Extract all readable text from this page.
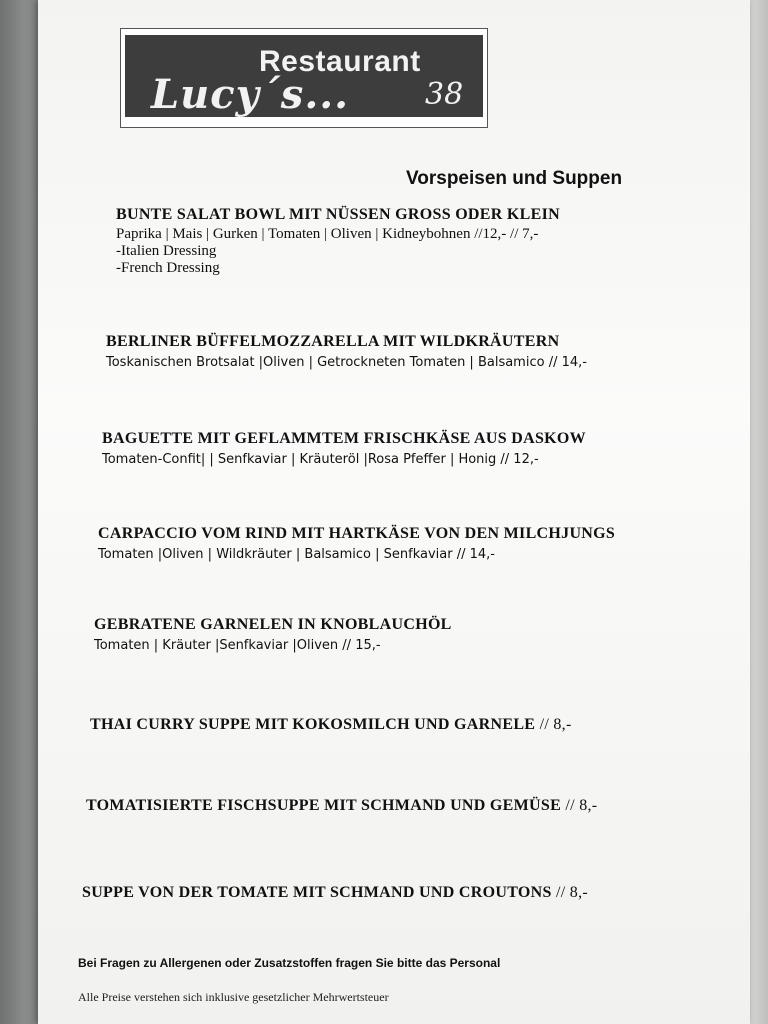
Restaurant
Lucy´s...	38
Vorspeisen und Suppen
BUNTE SALAT BOWL MIT NÜSSEN GROSS ODER KLEIN
Paprika | Mais | Gurken | Tomaten | Oliven | Kidneybohnen //12,- // 7,-
-Italien Dressing
-French Dressing
BERLINER BÜFFELMOZZARELLA MIT WILDKRÄUTERN
Toskanischen Brotsalat |Oliven | Getrockneten Tomaten | Balsamico // 14,-
BAGUETTE MIT GEFLAMMTEM FRISCHKÄSE AUS DASKOW
Tomaten-Confit| | Senfkaviar | Kräuteröl |Rosa Pfeffer | Honig // 12,-
CARPACCIO VOM RIND MIT HARTKÄSE VON DEN MILCHJUNGS
Tomaten |Oliven | Wildkräuter | Balsamico | Senfkaviar // 14,-
GEBRATENE GARNELEN IN KNOBLAUCHÖL
Tomaten | Kräuter |Senfkaviar |Oliven // 15,-
THAI CURRY SUPPE MIT KOKOSMILCH UND GARNELE // 8,-
TOMATISIERTE FISCHSUPPE MIT SCHMAND UND GEMÜSE // 8,-
SUPPE VON DER TOMATE MIT SCHMAND UND CROUTONS // 8,-
Bei Fragen zu Allergenen oder Zusatzstoffen fragen Sie bitte das Personal
Alle Preise verstehen sich inklusive gesetzlicher Mehrwertsteuer
